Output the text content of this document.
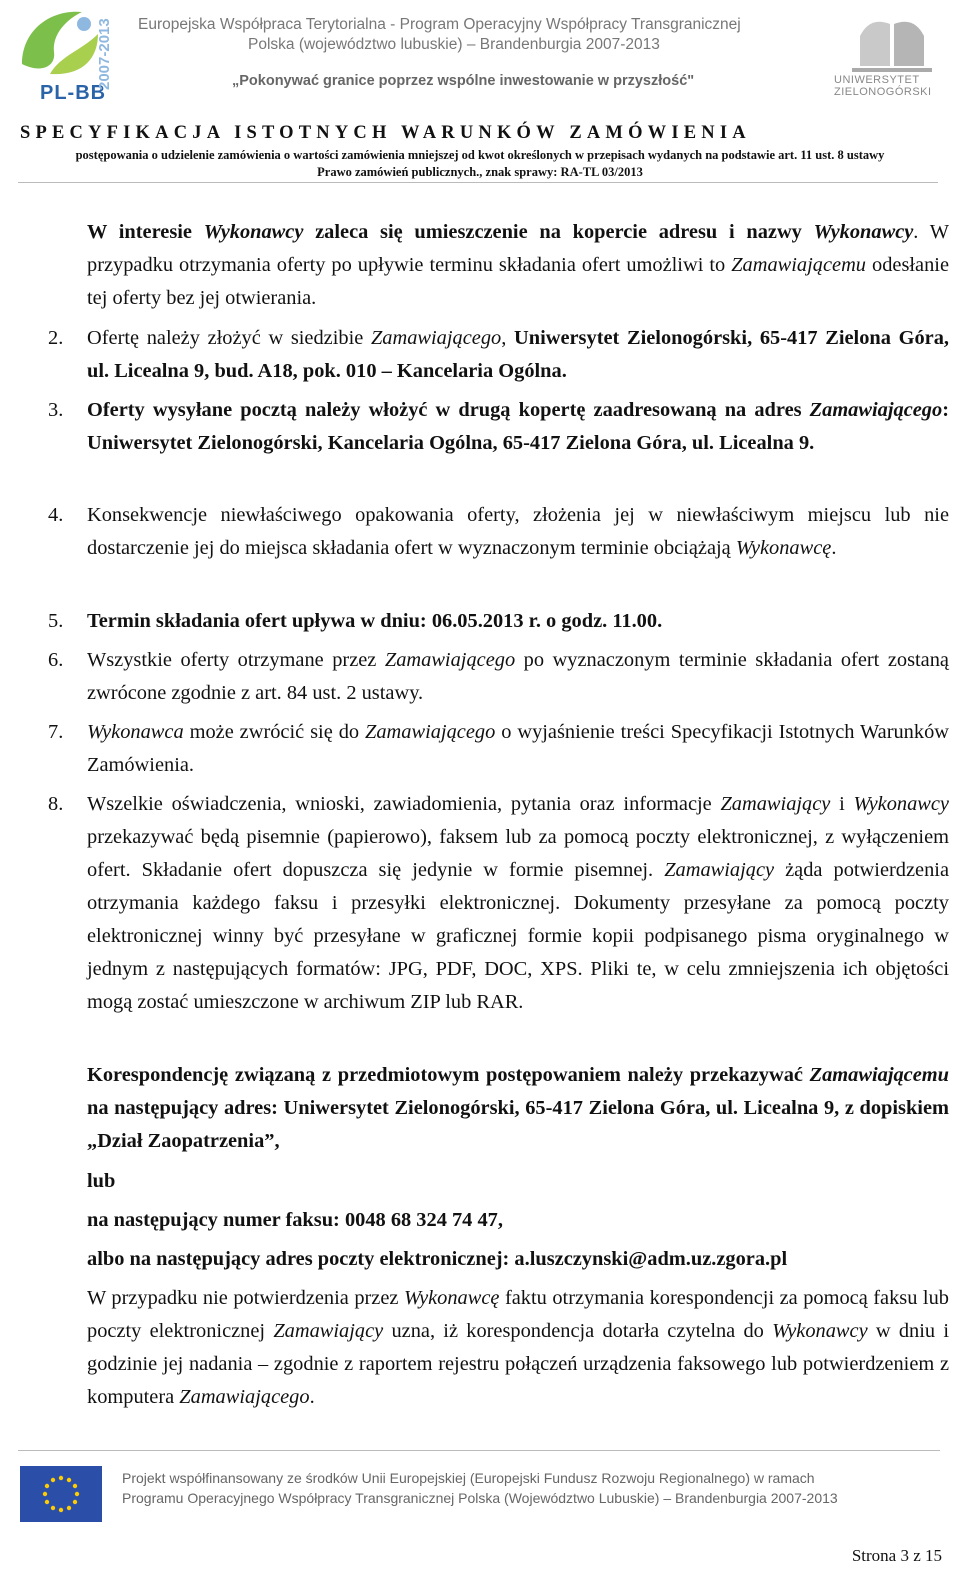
PL-BB
2007-2013	Europejska Współpraca Terytorialna - Program Operacyjny Współpracy Transgranicznej
Polska (województwo lubuskie) – Brandenburgia 2007-2013
„Pokonywać granice poprzez wspólne inwestowanie w przyszłość"	UNIWERSYTET ZIELONOGÓRSKI
SPECYFIKACJA ISTOTNYCH WARUNKÓW ZAMÓWIENIA
postępowania o udzielenie zamówienia o wartości zamówienia mniejszej od kwot określonych w przepisach wydanych na podstawie art. 11 ust. 8 ustawy
Prawo zamówień publicznych., znak sprawy: RA-TL 03/2013

W interesie Wykonawcy zaleca się umieszczenie na kopercie adresu i nazwy Wykonawcy. W przypadku otrzymania oferty po upływie terminu składania ofert umożliwi to Zamawiającemu odesłanie tej oferty bez jej otwierania.

2.	Ofertę należy złożyć w siedzibie Zamawiającego, Uniwersytet Zielonogórski, 65-417 Zielona Góra, ul. Licealna 9, bud. A18, pok. 010 – Kancelaria Ogólna.

3.	Oferty wysyłane pocztą należy włożyć w drugą kopertę zaadresowaną na adres Zamawiającego: Uniwersytet Zielonogórski, Kancelaria Ogólna, 65-417 Zielona Góra, ul. Licealna 9.

4.	Konsekwencje niewłaściwego opakowania oferty, złożenia jej w niewłaściwym miejscu lub nie dostarczenie jej do miejsca składania ofert w wyznaczonym terminie obciążają Wykonawcę.

5.	Termin składania ofert upływa w dniu: 06.05.2013 r. o godz. 11.00.

6.	Wszystkie oferty otrzymane przez Zamawiającego po wyznaczonym terminie składania ofert zostaną zwrócone zgodnie z art. 84 ust. 2 ustawy.

7.	Wykonawca może zwrócić się do Zamawiającego o wyjaśnienie treści Specyfikacji Istotnych Warunków Zamówienia.

8.	Wszelkie oświadczenia, wnioski, zawiadomienia, pytania oraz informacje Zamawiający i Wykonawcy przekazywać będą pisemnie (papierowo), faksem lub za pomocą poczty elektronicznej, z wyłączeniem ofert. Składanie ofert dopuszcza się jedynie w formie pisemnej. Zamawiający żąda potwierdzenia otrzymania każdego faksu i przesyłki elektronicznej. Dokumenty przesyłane za pomocą poczty elektronicznej winny być przesyłane w graficznej formie kopii podpisanego pisma oryginalnego w jednym z następujących formatów: JPG, PDF, DOC, XPS. Pliki te, w celu zmniejszenia ich objętości mogą zostać umieszczone w archiwum ZIP lub RAR.

Korespondencję związaną z przedmiotowym postępowaniem należy przekazywać Zamawiającemu na następujący adres: Uniwersytet Zielonogórski, 65-417 Zielona Góra, ul. Licealna 9, z dopiskiem „Dział Zaopatrzenia”,

lub

na następujący numer faksu: 0048 68 324 74 47,

albo na następujący adres poczty elektronicznej: a.luszczynski@adm.uz.zgora.pl

W przypadku nie potwierdzenia przez Wykonawcę faktu otrzymania korespondencji za pomocą faksu lub poczty elektronicznej Zamawiający uzna, iż korespondencja dotarła czytelna do Wykonawcy w dniu i godzinie jej nadania – zgodnie z raportem rejestru połączeń urządzenia faksowego lub potwierdzeniem z komputera Zamawiającego.

Projekt współfinansowany ze środków Unii Europejskiej (Europejski Fundusz Rozwoju Regionalnego) w ramach
Programu Operacyjnego Współpracy Transgranicznej Polska (Województwo Lubuskie) – Brandenburgia 2007-2013
Strona 3 z 15
